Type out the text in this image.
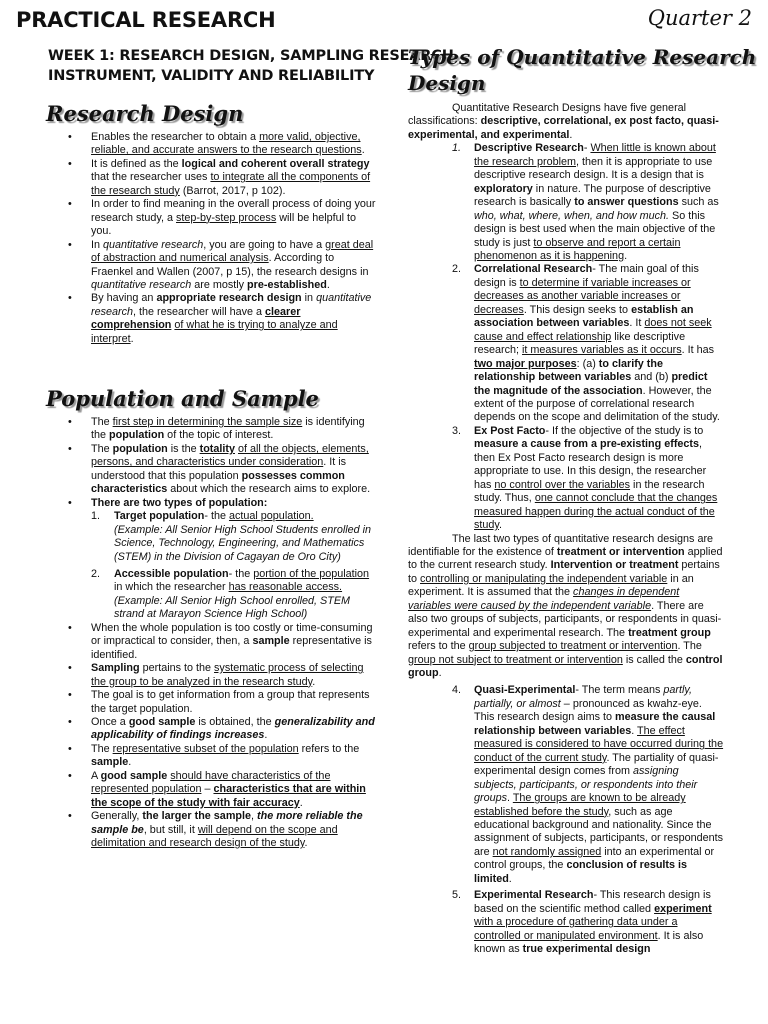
PRACTICAL RESEARCH	Quarter 2
WEEK 1: RESEARCH DESIGN, SAMPLING RESEARCH
INSTRUMENT, VALIDITY AND RELIABILITY
Research Design
• Enables the researcher to obtain a more valid, objective, reliable, and accurate answers to the research questions.
• It is defined as the logical and coherent overall strategy that the researcher uses to integrate all the components of the research study (Barrot, 2017, p 102).
• In order to find meaning in the overall process of doing your research study, a step-by-step process will be helpful to you.
• In quantitative research, you are going to have a great deal of abstraction and numerical analysis. According to Fraenkel and Wallen (2007, p 15), the research designs in quantitative research are mostly pre-established.
• By having an appropriate research design in quantitative research, the researcher will have a clearer comprehension of what he is trying to analyze and interpret.
Population and Sample
• The first step in determining the sample size is identifying the population of the topic of interest.
• The population is the totality of all the objects, elements, persons, and characteristics under consideration. It is understood that this population possesses common characteristics about which the research aims to explore.
• There are two types of population:
1. Target population- the actual population.
(Example: All Senior High School Students enrolled in Science, Technology, Engineering, and Mathematics (STEM) in the Division of Cagayan de Oro City)
2. Accessible population- the portion of the population in which the researcher has reasonable access.
(Example: All Senior High School enrolled, STEM strand at Marayon Science High School)
• When the whole population is too costly or time-consuming or impractical to consider, then, a sample representative is identified.
• Sampling pertains to the systematic process of selecting the group to be analyzed in the research study.
• The goal is to get information from a group that represents the target population.
• Once a good sample is obtained, the generalizability and applicability of findings increases.
• The representative subset of the population refers to the sample.
• A good sample should have characteristics of the represented population – characteristics that are within the scope of the study with fair accuracy.
• Generally, the larger the sample, the more reliable the sample be, but still, it will depend on the scope and delimitation and research design of the study.
Types of Quantitative Research
Design

Quantitative Research Designs have five general classifications: descriptive, correlational, ex post facto, quasi-experimental, and experimental.

1. Descriptive Research- When little is known about the research problem, then it is appropriate to use descriptive research design. It is a design that is exploratory in nature. The purpose of descriptive research is basically to answer questions such as who, what, where, when, and how much. So this design is best used when the main objective of the study is just to observe and report a certain phenomenon as it is happening.
2. Correlational Research- The main goal of this design is to determine if variable increases or decreases as another variable increases or decreases. This design seeks to establish an association between variables. It does not seek cause and effect relationship like descriptive research; it measures variables as it occurs. It has two major purposes: (a) to clarify the relationship between variables and (b) predict the magnitude of the association. However, the extent of the purpose of correlational research depends on the scope and delimitation of the study.
3. Ex Post Facto- If the objective of the study is to measure a cause from a pre-existing effects, then Ex Post Facto research design is more appropriate to use. In this design, the researcher has no control over the variables in the research study. Thus, one cannot conclude that the changes measured happen during the actual conduct of the study.

The last two types of quantitative research designs are identifiable for the existence of treatment or intervention applied to the current research study. Intervention or treatment pertains to controlling or manipulating the independent variable in an experiment. It is assumed that the changes in dependent variables were caused by the independent variable. There are also two groups of subjects, participants, or respondents in quasi-experimental and experimental research. The treatment group refers to the group subjected to treatment or intervention. The group not subject to treatment or intervention is called the control group.

4. Quasi-Experimental- The term means partly, partially, or almost – pronounced as kwahz-eye. This research design aims to measure the causal relationship between variables. The effect measured is considered to have occurred during the conduct of the current study. The partiality of quasi-experimental design comes from assigning subjects, participants, or respondents into their groups. The groups are known to be already established before the study, such as age educational background and nationality. Since the assignment of subjects, participants, or respondents are not randomly assigned into an experimental or control groups, the conclusion of results is limited.
5. Experimental Research- This research design is based on the scientific method called experiment with a procedure of gathering data under a controlled or manipulated environment. It is also known as true experimental design
